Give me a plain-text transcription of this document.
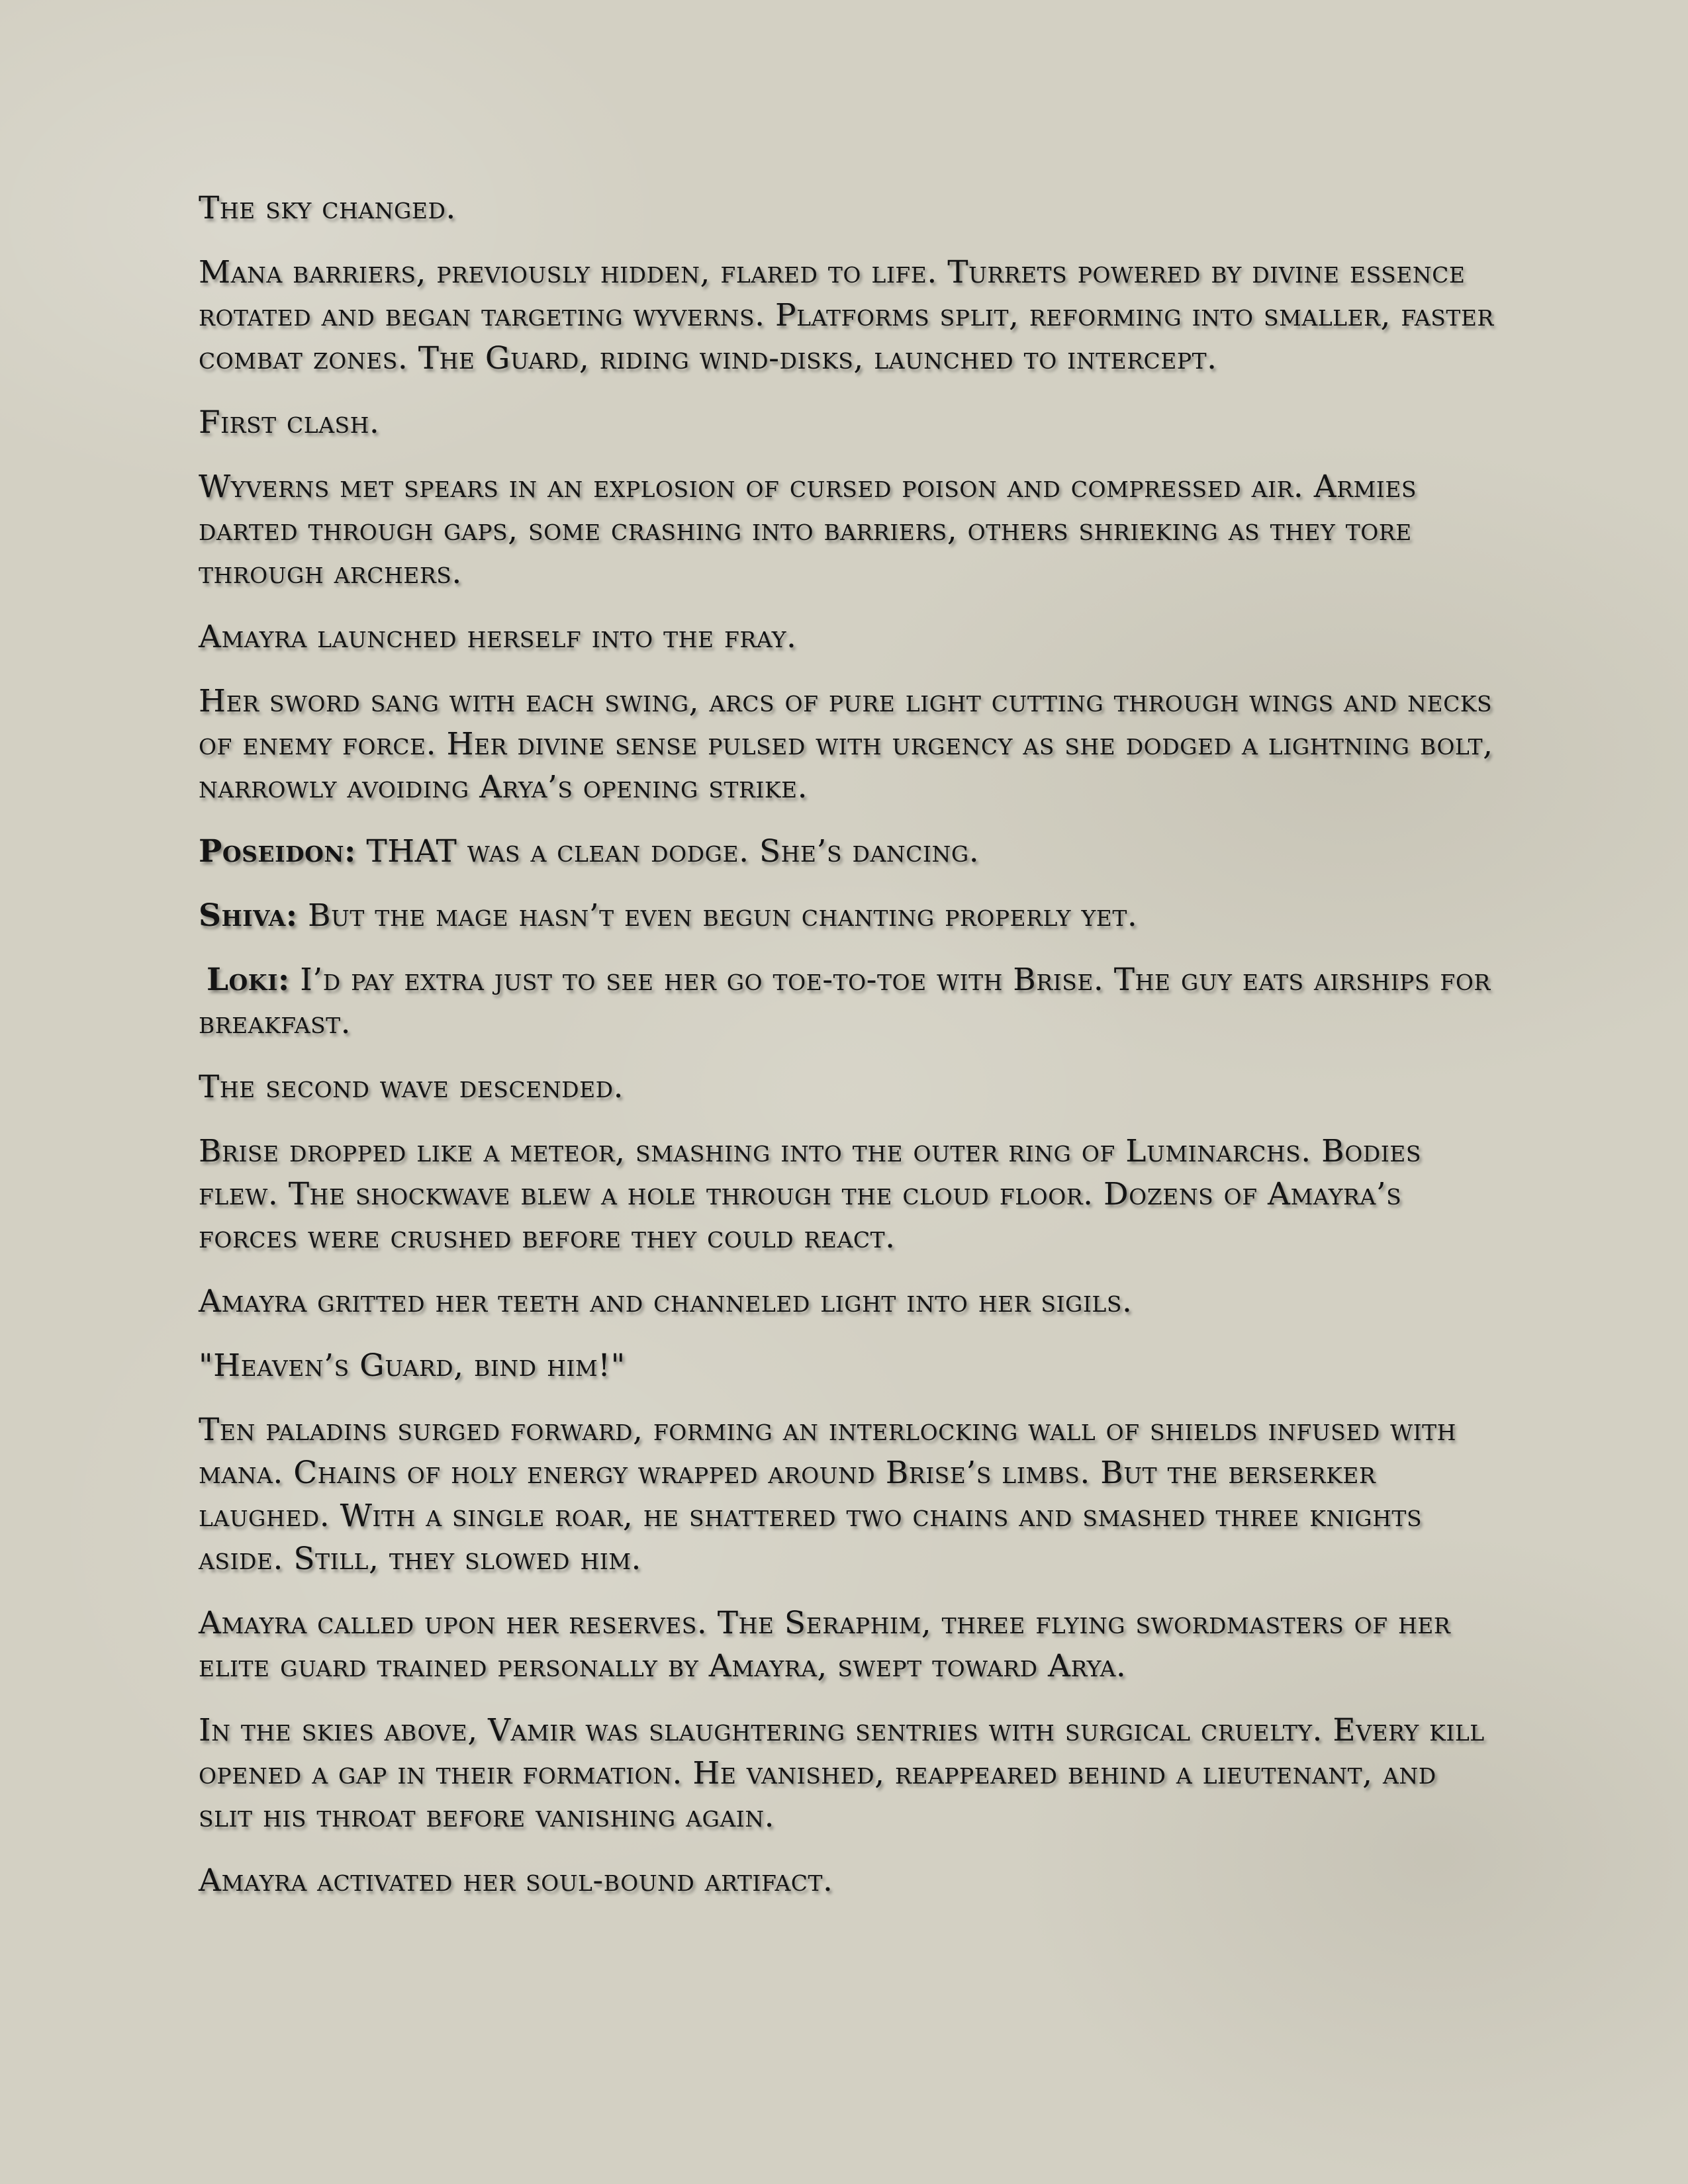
The sky changed.

Mana barriers, previously hidden, flared to life. Turrets powered by divine essence rotated and began targeting wyverns. Platforms split, reforming into smaller, faster combat zones. The Guard, riding wind-disks, launched to intercept.

First clash.

Wyverns met spears in an explosion of cursed poison and compressed air. Armies darted through gaps, some crashing into barriers, others shrieking as they tore through archers.

Amayra launched herself into the fray.

Her sword sang with each swing, arcs of pure light cutting through wings and necks of enemy force. Her divine sense pulsed with urgency as she dodged a lightning bolt, narrowly avoiding Arya’s opening strike.

Poseidon: THAT was a clean dodge. She’s dancing.

Shiva: But the mage hasn’t even begun chanting properly yet.

Loki: I’d pay extra just to see her go toe-to-toe with Brise. The guy eats airships for breakfast.

The second wave descended.

Brise dropped like a meteor, smashing into the outer ring of Luminarchs. Bodies flew. The shockwave blew a hole through the cloud floor. Dozens of Amayra’s forces were crushed before they could react.

Amayra gritted her teeth and channeled light into her sigils.

"Heaven’s Guard, bind him!"

Ten paladins surged forward, forming an interlocking wall of shields infused with mana. Chains of holy energy wrapped around Brise’s limbs. But the berserker laughed. With a single roar, he shattered two chains and smashed three knights aside. Still, they slowed him.

Amayra called upon her reserves. The Seraphim, three flying swordmasters of her elite guard trained personally by Amayra, swept toward Arya.

In the skies above, Vamir was slaughtering sentries with surgical cruelty. Every kill opened a gap in their formation. He vanished, reappeared behind a lieutenant, and slit his throat before vanishing again.

Amayra activated her soul-bound artifact.
